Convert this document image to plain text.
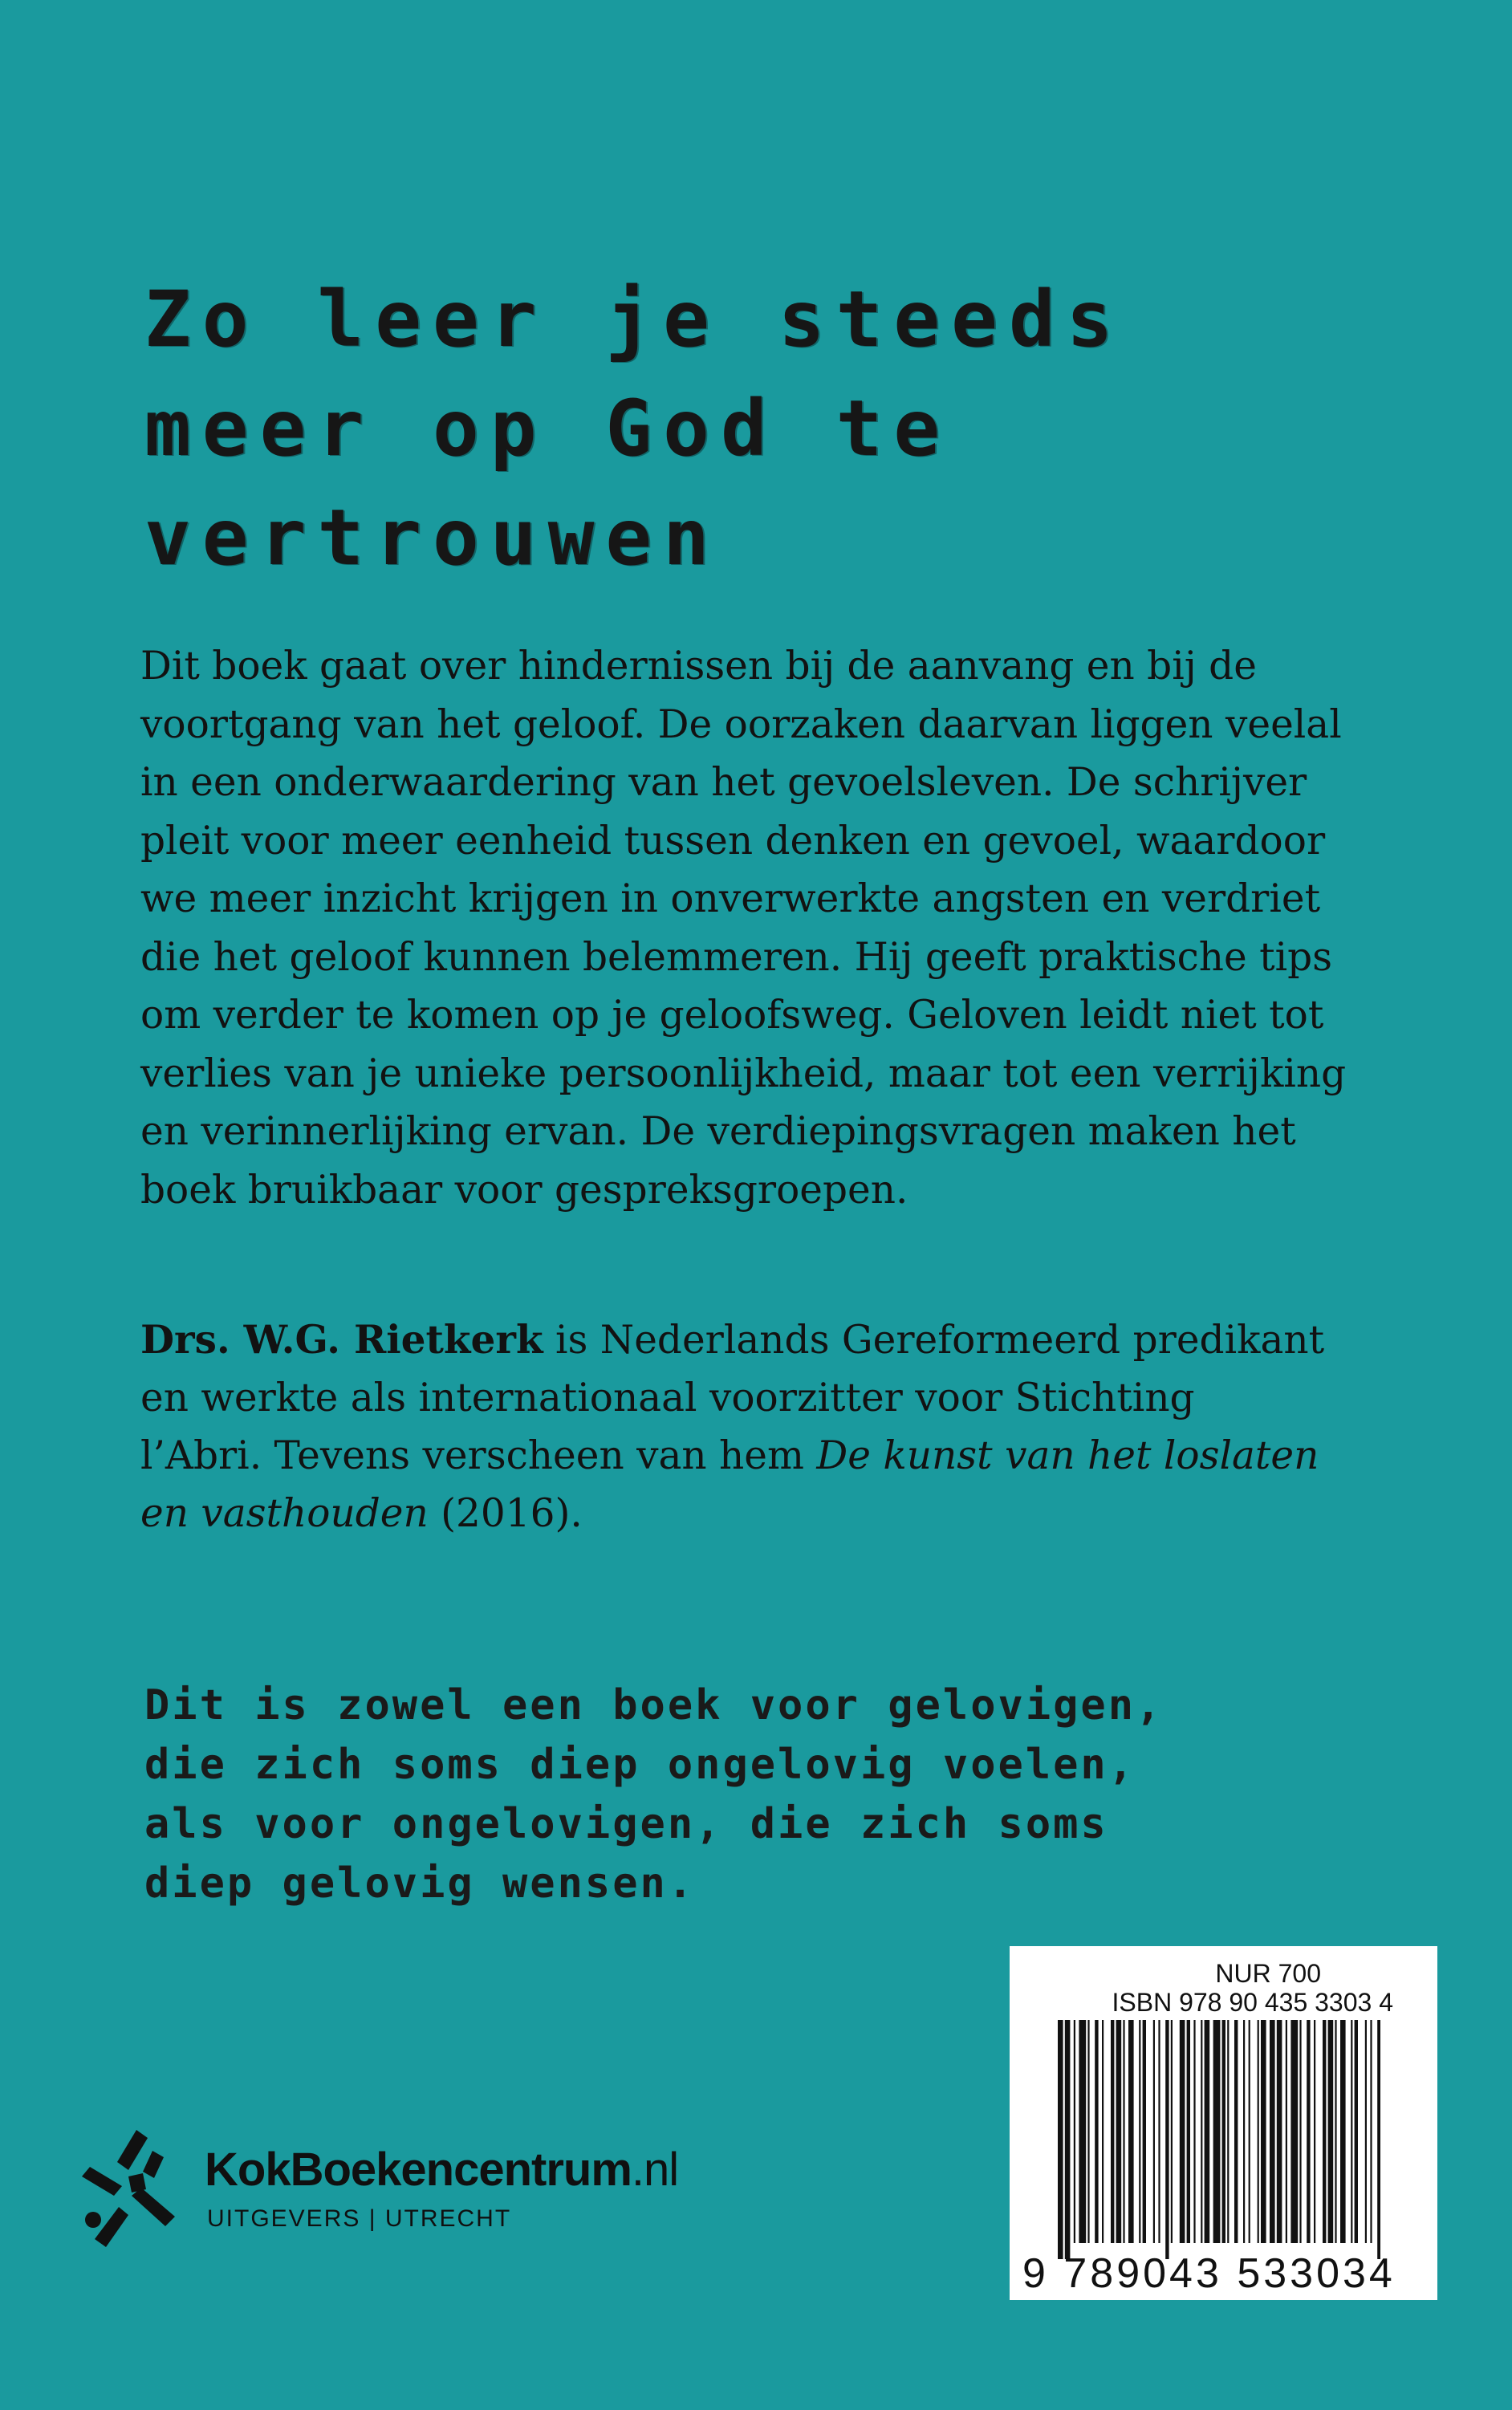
Zo leer je steeds
meer op God te
vertrouwen

Dit boek gaat over hindernissen bij de aanvang en bij de
voortgang van het geloof. De oorzaken daarvan liggen veelal
in een onderwaardering van het gevoelsleven. De schrijver
pleit voor meer eenheid tussen denken en gevoel, waardoor
we meer inzicht krijgen in onverwerkte angsten en verdriet
die het geloof kunnen belemmeren. Hij geeft praktische tips
om verder te komen op je geloofsweg. Geloven leidt niet tot
verlies van je unieke persoonlijkheid, maar tot een verrijking
en verinnerlijking ervan. De verdiepingsvragen maken het
boek bruikbaar voor gespreksgroepen.

Drs. W.G. Rietkerk is Nederlands Gereformeerd predikant
en werkte als internationaal voorzitter voor Stichting
l’Abri. Tevens verscheen van hem De kunst van het loslaten
en vasthouden (2016).

Dit is zowel een boek voor gelovigen,
die zich soms diep ongelovig voelen,
als voor ongelovigen, die zich soms
diep gelovig wensen.

NUR 700
ISBN 978 90 435 3303 4
9 789043 533034
KokBoekencentrum.nl
UITGEVERS | UTRECHT
